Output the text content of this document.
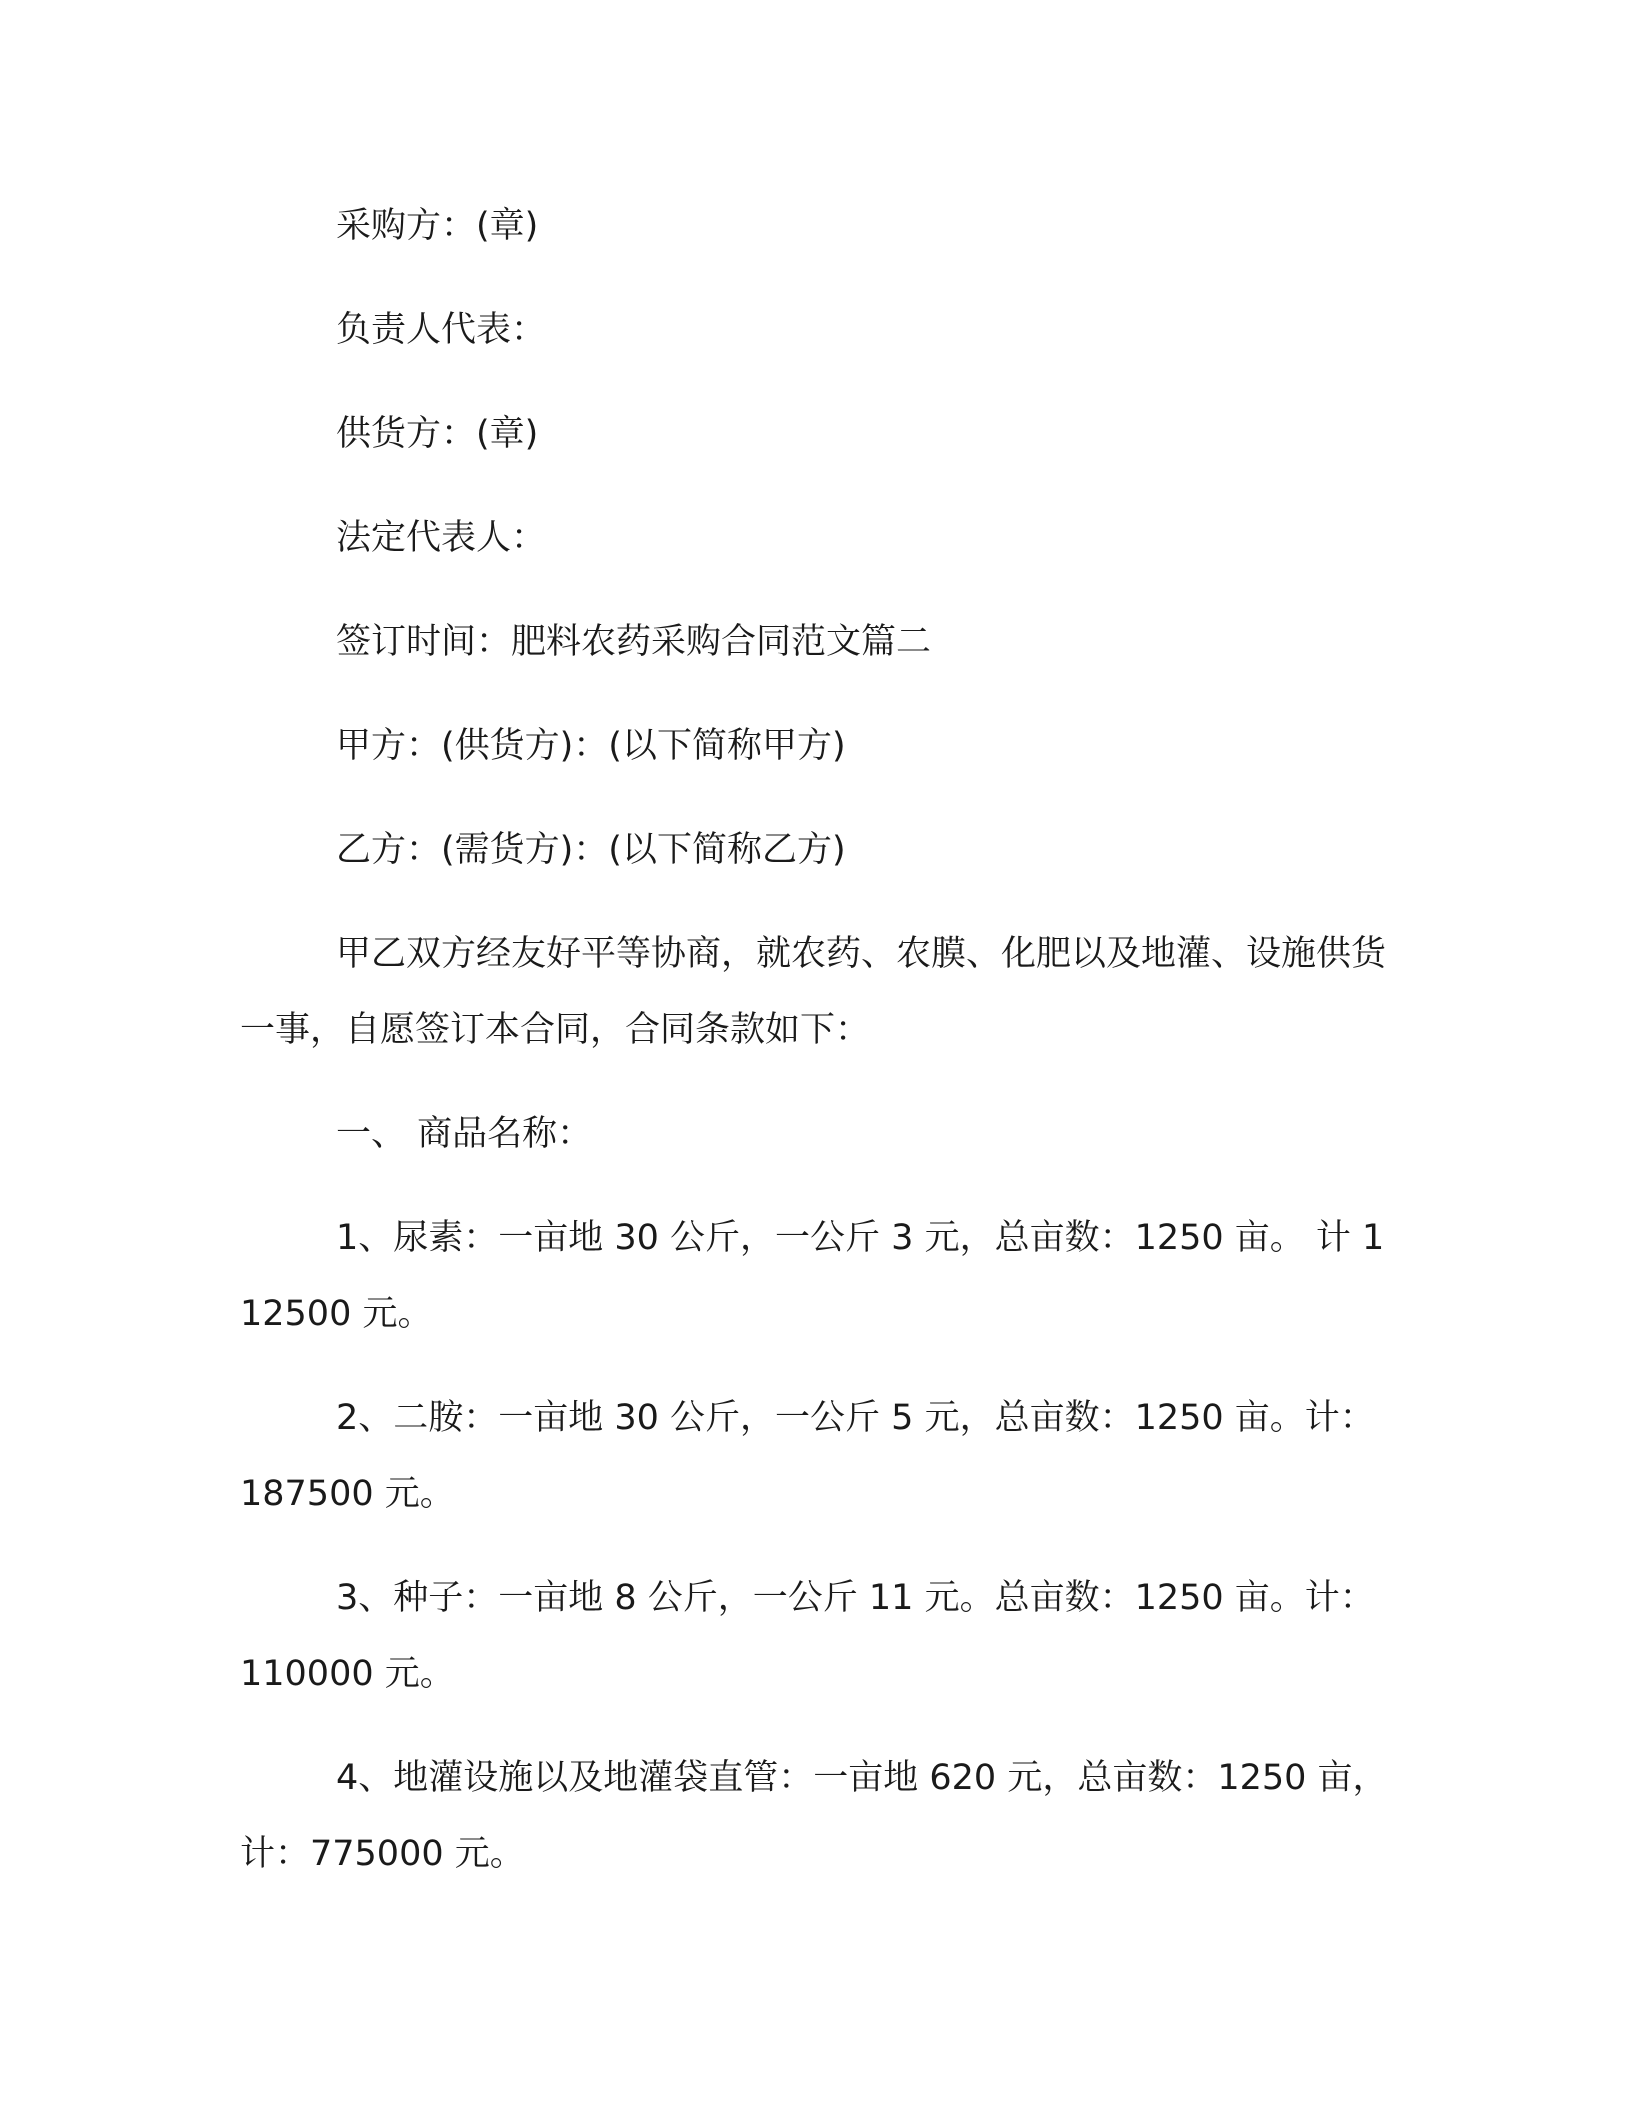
采购方：(章)

负责人代表：

供货方：(章)

法定代表人：

签订时间：肥料农药采购合同范文篇二

甲方：(供货方)：(以下简称甲方)

乙方：(需货方)：(以下简称乙方)

甲乙双方经友好平等协商，就农药、农膜、化肥以及地灌、设施供货一事，自愿签订本合同，合同条款如下：

一、 商品名称：

1、尿素：一亩地 30 公斤，一公斤 3 元，总亩数：1250 亩。 计 112500 元。

2、二胺：一亩地 30 公斤，一公斤 5 元，总亩数：1250 亩。计：187500 元。

3、种子：一亩地 8 公斤，一公斤 11 元。总亩数：1250 亩。计：110000 元。

4、地灌设施以及地灌袋直管：一亩地 620 元，总亩数：1250 亩，计：775000 元。
